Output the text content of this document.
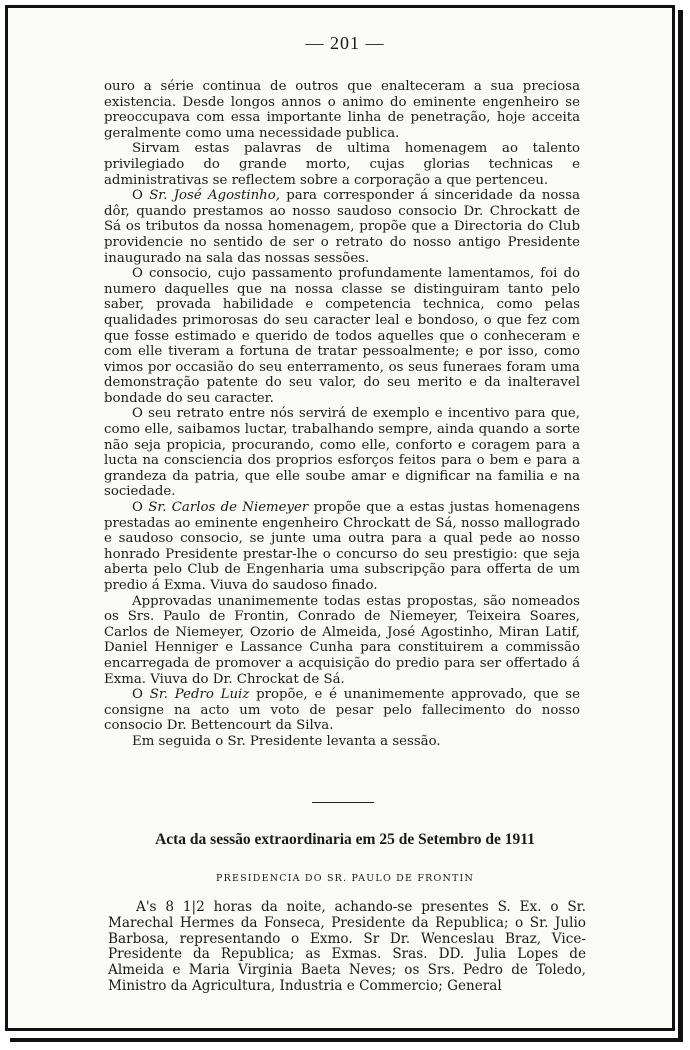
— 201 —

ouro a série continua de outros que enalteceram a sua preciosa existencia. Desde longos annos o animo do eminente engenheiro se preoccupava com essa importante linha de penetração, hoje acceita geralmente como uma necessidade publica.

Sirvam estas palavras de ultima homenagem ao talento privilegiado do grande morto, cujas glorias technicas e administrativas se reflectem sobre a corporação a que pertenceu.

O Sr. José Agostinho, para corresponder á sinceridade da nossa dôr, quando prestamos ao nosso saudoso consocio Dr. Chrockatt de Sá os tributos da nossa homenagem, propõe que a Directoria do Club providencie no sentido de ser o retrato do nosso antigo Presidente inaugurado na sala das nossas sessões.

O consocio, cujo passamento profundamente lamentamos, foi do numero daquelles que na nossa classe se distinguiram tanto pelo saber, provada habilidade e competencia technica, como pelas qualidades primorosas do seu caracter leal e bondoso, o que fez com que fosse estimado e querido de todos aquelles que o conheceram e com elle tiveram a fortuna de tratar pessoalmente; e por isso, como vimos por occasião do seu enterramento, os seus funeraes foram uma demonstração patente do seu valor, do seu merito e da inalteravel bondade do seu caracter.

O seu retrato entre nós servirá de exemplo e incentivo para que, como elle, saibamos luctar, trabalhando sempre, ainda quando a sorte não seja propicia, procurando, como elle, conforto e coragem para a lucta na consciencia dos proprios esforços feitos para o bem e para a grandeza da patria, que elle soube amar e dignificar na familia e na sociedade.

O Sr. Carlos de Niemeyer propõe que a estas justas homenagens prestadas ao eminente engenheiro Chrockatt de Sá, nosso mallogrado e saudoso consocio, se junte uma outra para a qual pede ao nosso honrado Presidente prestar-lhe o concurso do seu prestigio: que seja aberta pelo Club de Engenharia uma subscripção para offerta de um predio á Exma. Viuva do saudoso finado.

Approvadas unanimemente todas estas propostas, são nomeados os Srs. Paulo de Frontin, Conrado de Niemeyer, Teixeira Soares, Carlos de Niemeyer, Ozorio de Almeida, José Agostinho, Miran Latif, Daniel Henniger e Lassance Cunha para constituirem a commissão encarregada de promover a acquisição do predio para ser offertado á Exma. Viuva do Dr. Chrockat de Sá.

O Sr. Pedro Luiz propõe, e é unanimemente approvado, que se consigne na acto um voto de pesar pelo fallecimento do nosso consocio Dr. Bettencourt da Silva.

Em seguida o Sr. Presidente levanta a sessão.

Acta da sessão extraordinaria em 25 de Setembro de 1911
PRESIDENCIA DO SR. PAULO DE FRONTIN

A's 8 1|2 horas da noite, achando-se presentes S. Ex. o Sr. Marechal Hermes da Fonseca, Presidente da Republica; o Sr. Julio Barbosa, representando o Exmo. Sr Dr. Wenceslau Braz, Vice-Presidente da Republica; as Exmas. Sras. DD. Julia Lopes de Almeida e Maria Virginia Baeta Neves; os Srs. Pedro de Toledo, Ministro da Agricultura, Industria e Commercio; General
